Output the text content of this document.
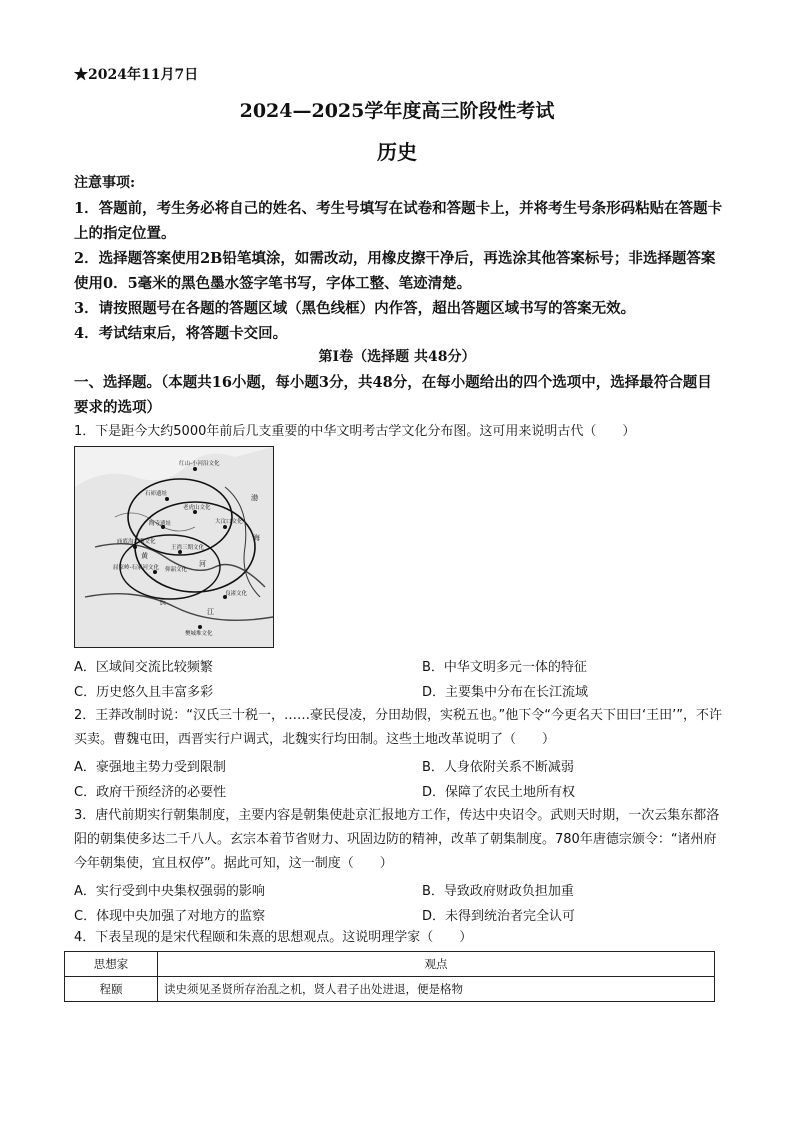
★2024年11月7日
2024—2025学年度高三阶段性考试
历史
注意事项:

1．答题前，考生务必将自己的姓名、考生号填写在试卷和答题卡上，并将考生号条形码粘贴在答题卡上的指定位置。

2．选择题答案使用2B铅笔填涂，如需改动，用橡皮擦干净后，再选涂其他答案标号；非选择题答案使用0．5毫米的黑色墨水签字笔书写，字体工整、笔迹清楚。

3．请按照题号在各题的答题区域（黑色线框）内作答，超出答题区域书写的答案无效。

4．考试结束后，将答题卡交回。

第Ⅰ卷（选择题 共48分）
一、选择题。（本题共16小题，每小题3分，共48分，在每小题给出的四个选项中，选择最符合题目要求的选项）
1．下是距今大约5000年前后几支重要的中华文明考古学文化分布图。这可用来说明古代（　　）
红山-小河沿文化
石峁遗址
老虎山文化
大汶口文化
庙底沟二期文化
屈家岭-石家河文化
良渚文化
樊城堆文化
陶寺遗址
仰韶文化
王湾三期文化
渤
海
黄
河
长
江
A．区域间交流比较频繁	B．中华文明多元一体的特征
C．历史悠久且丰富多彩	D．主要集中分布在长江流域
2．王莽改制时说：“汉氏三十税一，……豪民侵凌，分田劫假，实税五也。”他下令“今更名天下田曰‘王田’”，不许买卖。曹魏屯田，西晋实行户调式，北魏实行均田制。这些土地改革说明了（　　）
A．豪强地主势力受到限制	B．人身依附关系不断减弱
C．政府干预经济的必要性	D．保障了农民土地所有权
3．唐代前期实行朝集制度，主要内容是朝集使赴京汇报地方工作，传达中央诏令。武则天时期，一次云集东都洛阳的朝集使多达二千八人。玄宗本着节省财力、巩固边防的精神，改革了朝集制度。780年唐德宗颁令：“诸州府今年朝集使，宜且权停”。据此可知，这一制度（　　）
A．实行受到中央集权强弱的影响	B．导致政府财政负担加重
C．体现中央加强了对地方的监察	D．未得到统治者完全认可
4．下表呈现的是宋代程颐和朱熹的思想观点。这说明理学家（　　）
思想家	观点
程颐	读史须见圣贤所存治乱之机，贤人君子出处进退，便是格物
